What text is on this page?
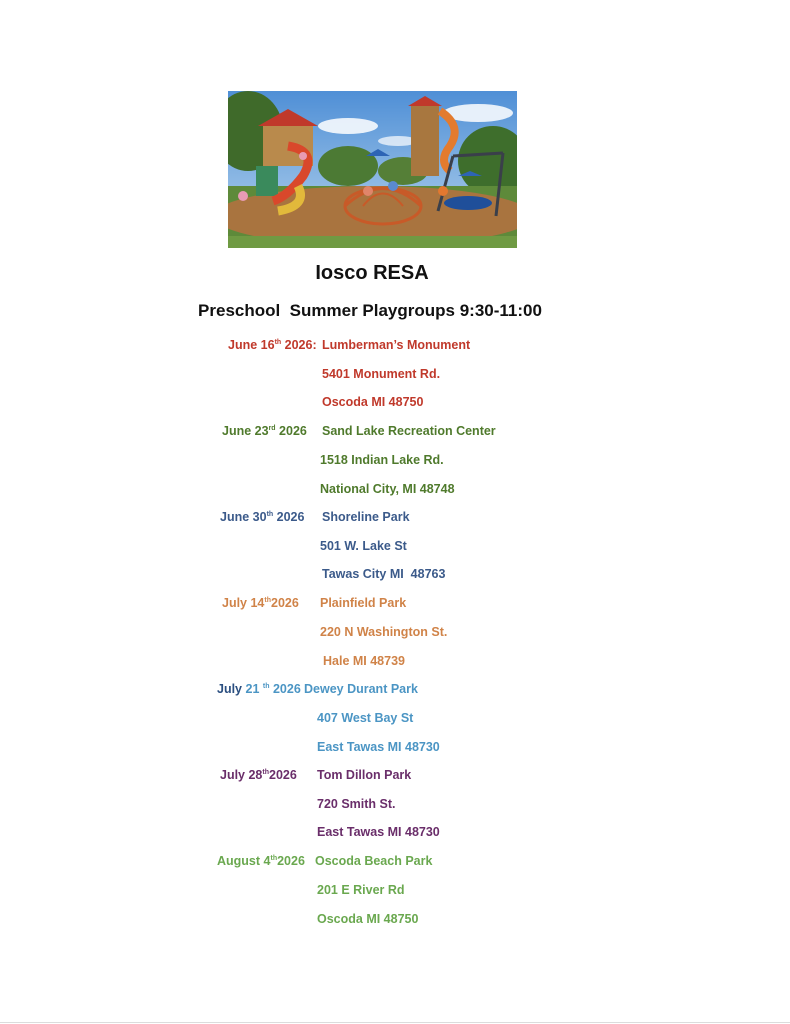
Iosco RESA
Preschool  Summer Playgroups 9:30-11:00
June 16th 2026: Lumberman’s Monument
5401 Monument Rd.
Oscoda MI 48750
June 23rd 2026 Sand Lake Recreation Center
1518 Indian Lake Rd.
National City, MI 48748
June 30th 2026 Shoreline Park
501 W. Lake St
Tawas City MI  48763
July 14th2026 Plainfield Park
220 N Washington St.
Hale MI 48739
July 21 $^{th}$ 2026 Dewey Durant Park
407 West Bay St
East Tawas MI 48730
July 28th2026 Tom Dillon Park
720 Smith St.
East Tawas MI 48730
August 4th2026 Oscoda Beach Park
201 E River Rd
Oscoda MI 48750
